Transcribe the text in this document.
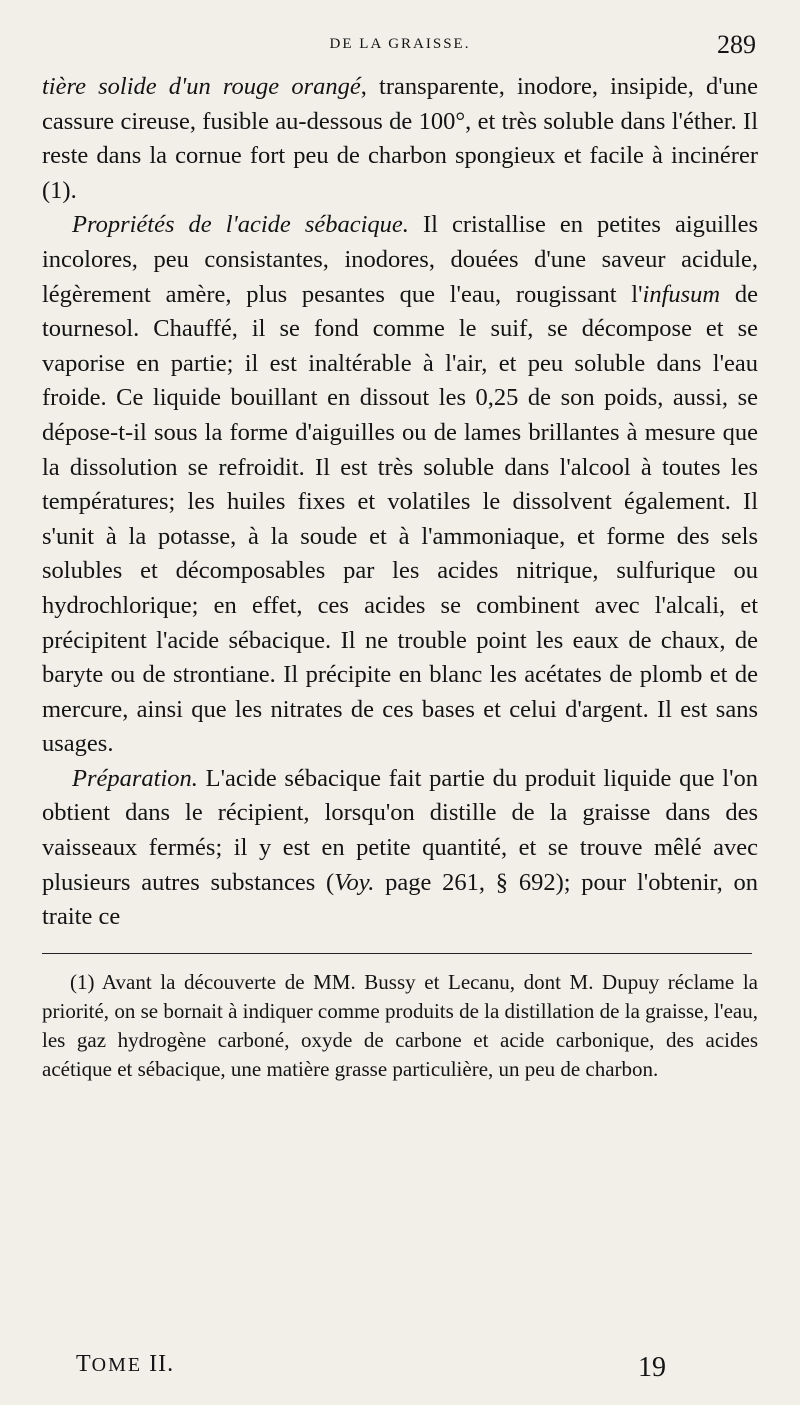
DE LA GRAISSE.	289

tière solide d'un rouge orangé, transparente, inodore, insipide, d'une cassure cireuse, fusible au-dessous de 100°, et très soluble dans l'éther. Il reste dans la cornue fort peu de charbon spongieux et facile à incinérer (1).

Propriétés de l'acide sébacique. Il cristallise en petites aiguilles incolores, peu consistantes, inodores, douées d'une saveur acidule, légèrement amère, plus pesantes que l'eau, rougissant l'infusum de tournesol. Chauffé, il se fond comme le suif, se décompose et se vaporise en partie; il est inaltérable à l'air, et peu soluble dans l'eau froide. Ce liquide bouillant en dissout les 0,25 de son poids, aussi, se dépose-t-il sous la forme d'aiguilles ou de lames brillantes à mesure que la dissolution se refroidit. Il est très soluble dans l'alcool à toutes les températures; les huiles fixes et volatiles le dissolvent également. Il s'unit à la potasse, à la soude et à l'ammoniaque, et forme des sels solubles et décomposables par les acides nitrique, sulfurique ou hydrochlorique; en effet, ces acides se combinent avec l'alcali, et précipitent l'acide sébacique. Il ne trouble point les eaux de chaux, de baryte ou de strontiane. Il précipite en blanc les acétates de plomb et de mercure, ainsi que les nitrates de ces bases et celui d'argent. Il est sans usages.

Préparation. L'acide sébacique fait partie du produit liquide que l'on obtient dans le récipient, lorsqu'on distille de la graisse dans des vaisseaux fermés; il y est en petite quantité, et se trouve mêlé avec plusieurs autres substances (Voy. page 261, § 692); pour l'obtenir, on traite ce

(1) Avant la découverte de MM. Bussy et Lecanu, dont M. Dupuy réclame la priorité, on se bornait à indiquer comme produits de la distillation de la graisse, l'eau, les gaz hydrogène carboné, oxyde de carbone et acide carbonique, des acides acétique et sébacique, une matière grasse particulière, un peu de charbon.
TOME II.	19
